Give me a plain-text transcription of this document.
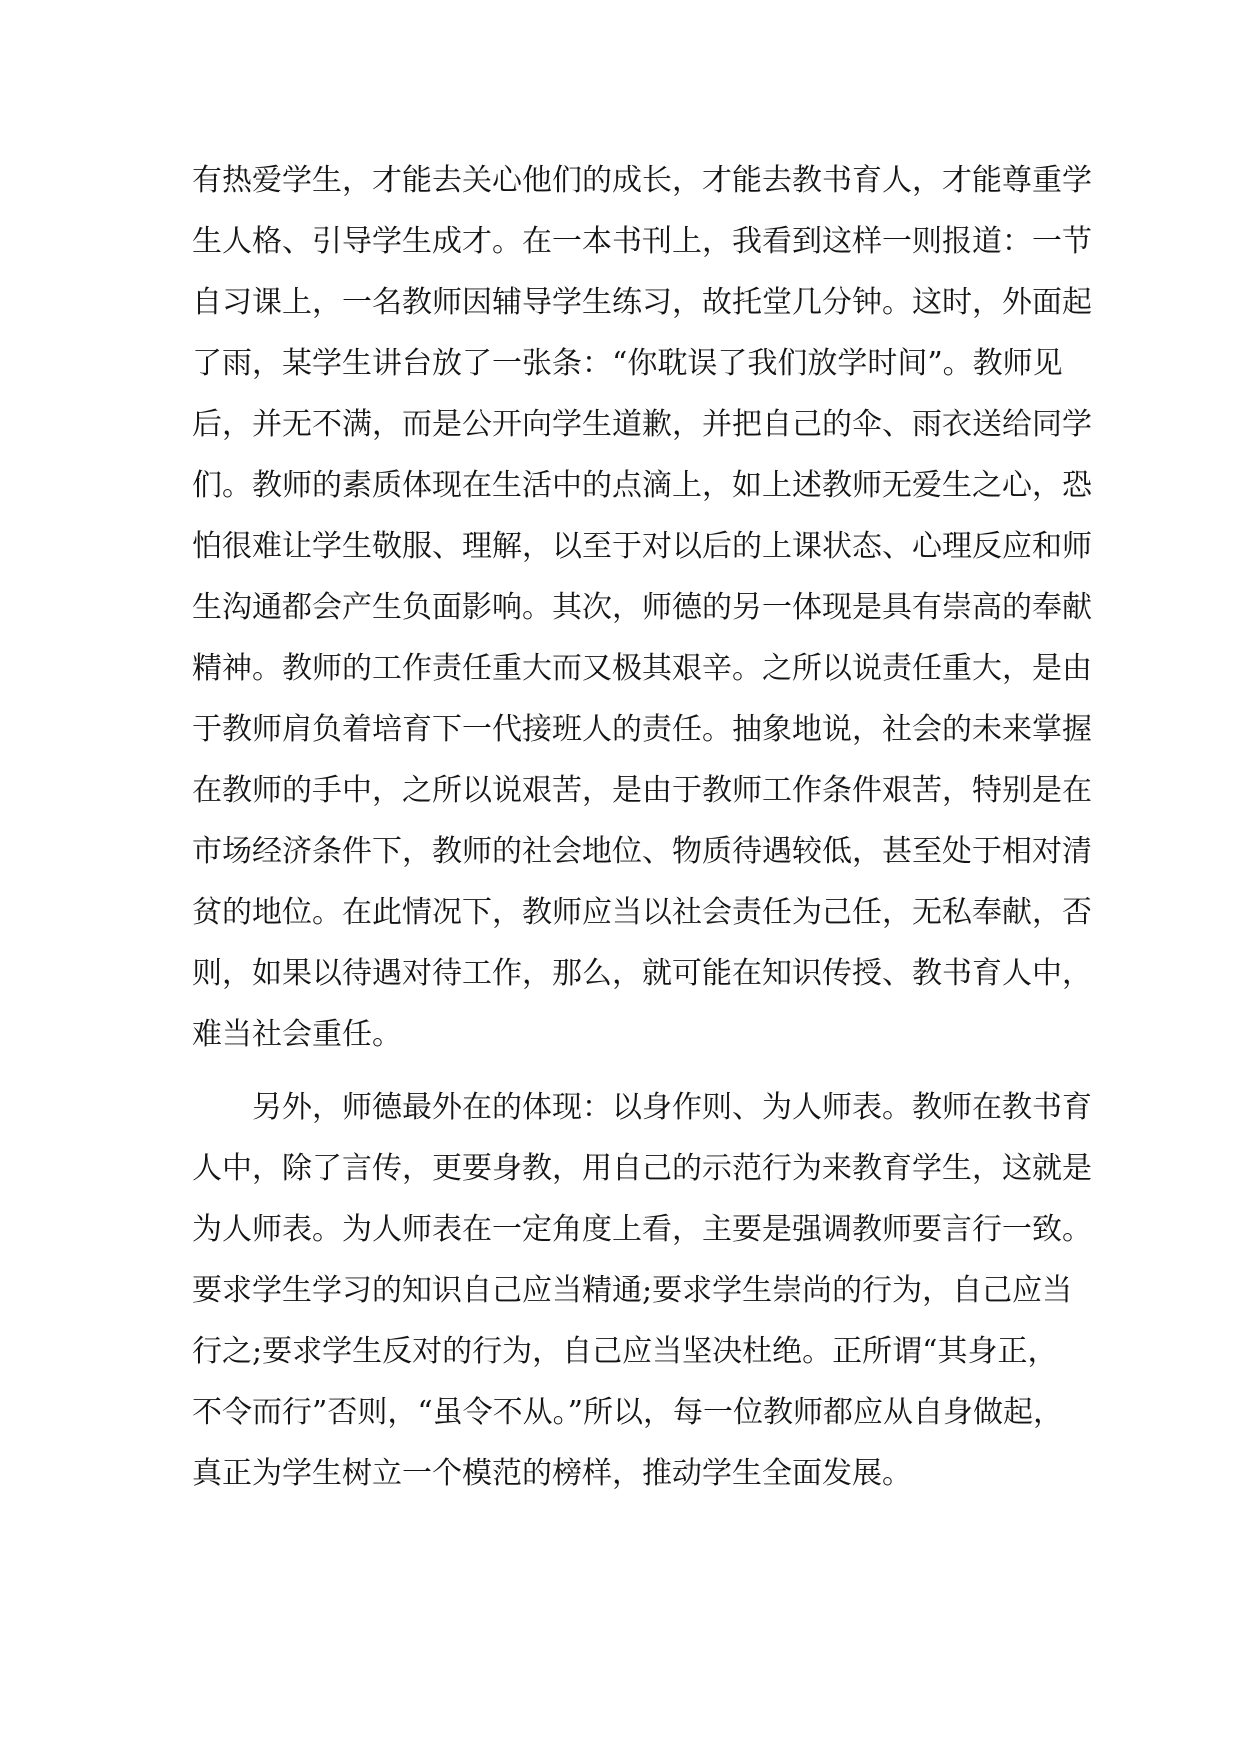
有热爱学生，才能去关心他们的成长，才能去教书育人，才能尊重学
生人格、引导学生成才。在一本书刊上，我看到这样一则报道：一节
自习课上，一名教师因辅导学生练习，故托堂几分钟。这时，外面起
了雨，某学生讲台放了一张条：“你耽误了我们放学时间”。教师见
后，并无不满，而是公开向学生道歉，并把自己的伞、雨衣送给同学
们。教师的素质体现在生活中的点滴上，如上述教师无爱生之心，恐
怕很难让学生敬服、理解，以至于对以后的上课状态、心理反应和师
生沟通都会产生负面影响。其次，师德的另一体现是具有崇高的奉献
精神。教师的工作责任重大而又极其艰辛。之所以说责任重大，是由
于教师肩负着培育下一代接班人的责任。抽象地说，社会的未来掌握
在教师的手中，之所以说艰苦，是由于教师工作条件艰苦，特别是在
市场经济条件下，教师的社会地位、物质待遇较低，甚至处于相对清
贫的地位。在此情况下，教师应当以社会责任为己任，无私奉献，否
则，如果以待遇对待工作，那么，就可能在知识传授、教书育人中，
难当社会重任。
　　另外，师德最外在的体现：以身作则、为人师表。教师在教书育
人中，除了言传，更要身教，用自己的示范行为来教育学生，这就是
为人师表。为人师表在一定角度上看，主要是强调教师要言行一致。
要求学生学习的知识自己应当精通;要求学生崇尚的行为，自己应当
行之;要求学生反对的行为，自己应当坚决杜绝。正所谓“其身正，
不令而行”否则，“虽令不从。”所以，每一位教师都应从自身做起，
真正为学生树立一个模范的榜样，推动学生全面发展。
